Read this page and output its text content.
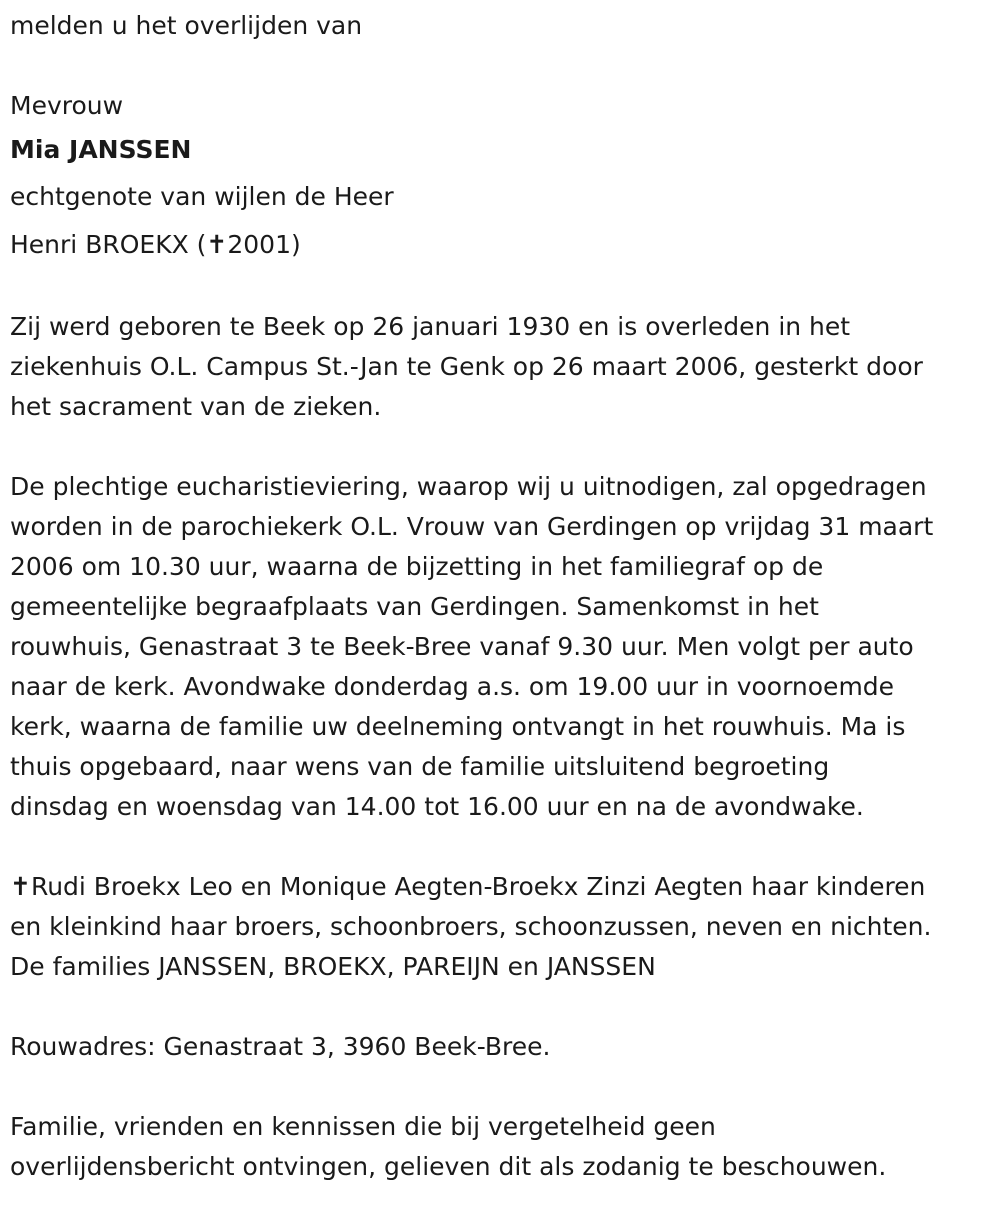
melden u het overlijden van
Mevrouw
Mia JANSSEN
echtgenote van wijlen de Heer
Henri BROEKX (✝2001)
Zij werd geboren te Beek op 26 januari 1930 en is overleden in het
ziekenhuis O.L. Campus St.-Jan te Genk op 26 maart 2006, gesterkt door
het sacrament van de zieken.
De plechtige eucharistieviering, waarop wij u uitnodigen, zal opgedragen
worden in de parochiekerk O.L. Vrouw van Gerdingen op vrijdag 31 maart
2006 om 10.30 uur, waarna de bijzetting in het familiegraf op de
gemeentelijke begraafplaats van Gerdingen. Samenkomst in het
rouwhuis, Genastraat 3 te Beek-Bree vanaf 9.30 uur. Men volgt per auto
naar de kerk. Avondwake donderdag a.s. om 19.00 uur in voornoemde
kerk, waarna de familie uw deelneming ontvangt in het rouwhuis. Ma is
thuis opgebaard, naar wens van de familie uitsluitend begroeting
dinsdag en woensdag van 14.00 tot 16.00 uur en na de avondwake.
✝Rudi Broekx Leo en Monique Aegten-Broekx Zinzi Aegten haar kinderen
en kleinkind haar broers, schoonbroers, schoonzussen, neven en nichten.
De families JANSSEN, BROEKX, PAREIJN en JANSSEN
Rouwadres: Genastraat 3, 3960 Beek-Bree.
Familie, vrienden en kennissen die bij vergetelheid geen
overlijdensbericht ontvingen, gelieven dit als zodanig te beschouwen.
